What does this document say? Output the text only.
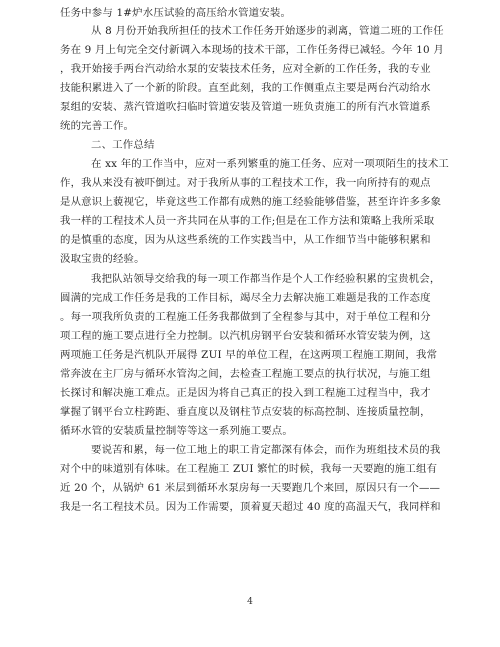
任务中参与 1#炉水压试验的高压给水管道安装。
从 8 月份开始我所担任的技术工作任务开始逐步的剥离，管道二班的工作任
务在 9 月上旬完全交付新调入本现场的技术干部，工作任务得已减轻。今年 10 月
，我开始接手两台汽动给水泵的安装技术任务，应对全新的工作任务，我的专业
技能积累进入了一个新的阶段。直至此刻，我的工作侧重点主要是两台汽动给水
泵组的安装、蒸汽管道吹扫临时管道安装及管道一班负责施工的所有汽水管道系
统的完善工作。
二、工作总结
在 xx 年的工作当中，应对一系列繁重的施工任务、应对一项项陌生的技术工
作，我从来没有被吓倒过。对于我所从事的工程技术工作，我一向所持有的观点
是从意识上藐视它，毕竟这些工作都有成熟的施工经验能够借鉴，甚至许许多多象
我一样的工程技术人员一齐共同在从事的工作;但是在工作方法和策略上我所采取
的是慎重的态度，因为从这些系统的工作实践当中，从工作细节当中能够积累和
汲取宝贵的经验。
我把队站领导交给我的每一项工作都当作是个人工作经验积累的宝贵机会，
圆满的完成工作任务是我的工作目标，竭尽全力去解决施工难题是我的工作态度
。每一项我所负责的工程施工任务我都做到了全程参与其中，对于单位工程和分
项工程的施工要点进行全力控制。以汽机房钢平台安装和循环水管安装为例，这
两项施工任务是汽机队开展得 ZUI 早的单位工程，在这两项工程施工期间，我常
常奔波在主厂房与循环水管沟之间，去检查工程施工要点的执行状况，与施工组
长探讨和解决施工难点。正是因为将自己真正的投入到工程施工过程当中，我才
掌握了钢平台立柱跨距、垂直度以及钢柱节点安装的标高控制、连接质量控制，
循环水管的安装质量控制等等这一系列施工要点。
要说苦和累，每一位工地上的职工肯定都深有体会，而作为班组技术员的我
对个中的味道别有体味。在工程施工 ZUI 繁忙的时候，我每一天要跑的施工组有
近 20 个，从锅炉 61 米层到循环水泵房每一天要跑几个来回，原因只有一个——
我是一名工程技术员。因为工作需要，顶着夏天超过 40 度的高温天气，我同样和
4
